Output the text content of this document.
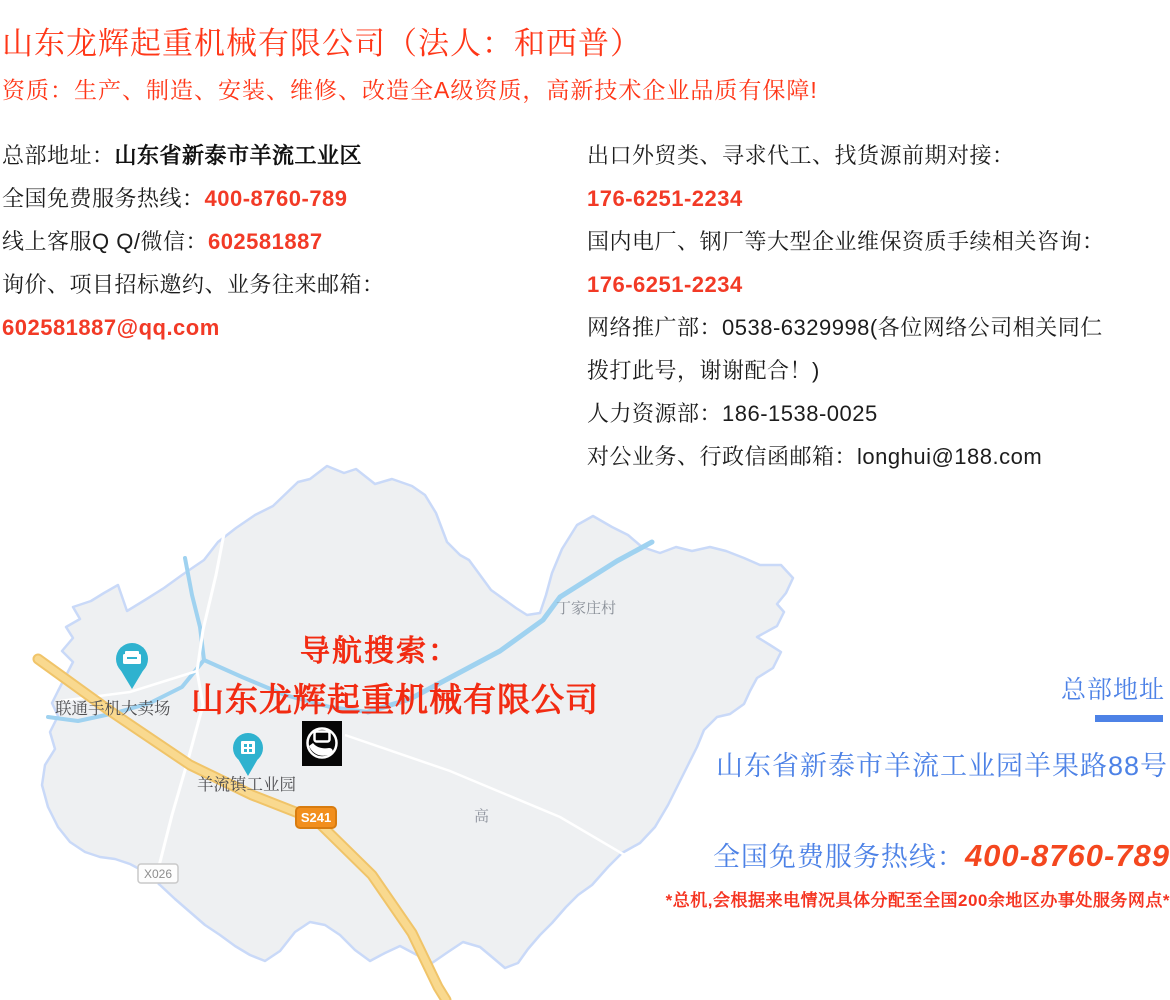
山东龙辉起重机械有限公司（法人：和西普）
资质：生产、制造、安装、维修、改造全A级资质，高新技术企业品质有保障!
总部地址：山东省新泰市羊流工业区
全国免费服务热线：400-8760-789
线上客服Q Q/微信：602581887
询价、项目招标邀约、业务往来邮箱：
602581887@qq.com
出口外贸类、寻求代工、找货源前期对接：
176-6251-2234
国内电厂、钢厂等大型企业维保资质手续相关咨询：
176-6251-2234
网络推广部：0538-6329998(各位网络公司相关同仁
拨打此号，谢谢配合！)
人力资源部：186-1538-0025
对公业务、行政信函邮箱：longhui@188.com
S241
X026
丁家庄村
高
联通手机大卖场
羊流镇工业园
导航搜索：
山东龙辉起重机械有限公司	总部地址
山东省新泰市羊流工业园羊果路88号
全国免费服务热线：400-8760-789
*总机,会根据来电情况具体分配至全国200余地区办事处服务网点*
